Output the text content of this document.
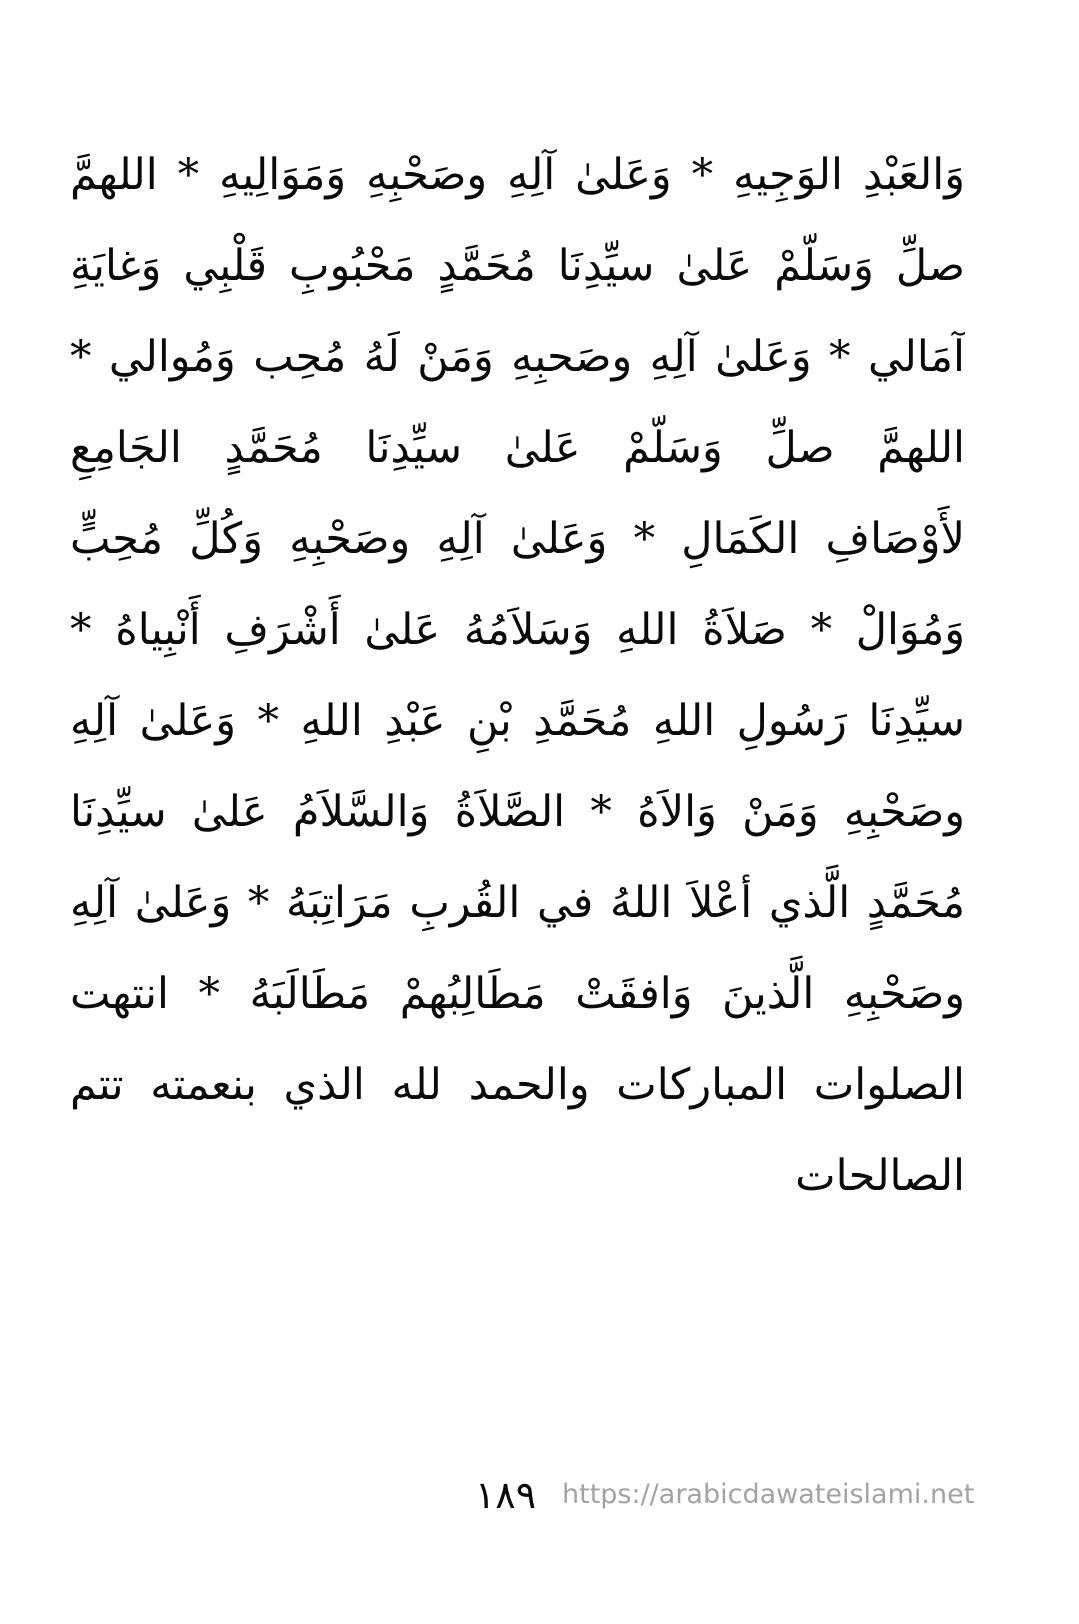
وَالعَبْدِ الوَجِيهِ * وَعَلىٰ آلِهِ وصَحْبِهِ وَمَوَالِيهِ * اللهمَّ
صلِّ وَسَلّمْ عَلىٰ سيِّدِنَا مُحَمَّدٍ مَحْبُوبِ قَلْبِي وَغايَةِ
آمَالي * وَعَلىٰ آلِهِ وصَحبِهِ وَمَنْ لَهُ مُحِب وَمُوالي *
اللهمَّ صلِّ وَسَلّمْ عَلىٰ سيِّدِنَا مُحَمَّدٍ الجَامِعِ
لأَوْصَافِ الكَمَالِ * وَعَلىٰ آلِهِ وصَحْبِهِ وَكُلِّ مُحِبٍّ
وَمُوَالْ * صَلاَةُ اللهِ وَسَلاَمُهُ عَلىٰ أَشْرَفِ أَنْبِياهُ *
سيِّدِنَا رَسُولِ اللهِ مُحَمَّدِ بْنِ عَبْدِ اللهِ * وَعَلىٰ آلِهِ
وصَحْبِهِ وَمَنْ وَالاَهُ * الصَّلاَةُ وَالسَّلاَمُ عَلىٰ سيِّدِنَا
مُحَمَّدٍ الَّذي أعْلاَ اللهُ في القُربِ مَرَاتِبَهُ * وَعَلىٰ آلِهِ
وصَحْبِهِ الَّذينَ وَافقَتْ مَطَالِبُهمْ مَطَالَبَهُ * انتهت
الصلوات المباركات والحمد لله الذي بنعمته تتم
الصالحات
١٨٩ https://arabicdawateislami.net
